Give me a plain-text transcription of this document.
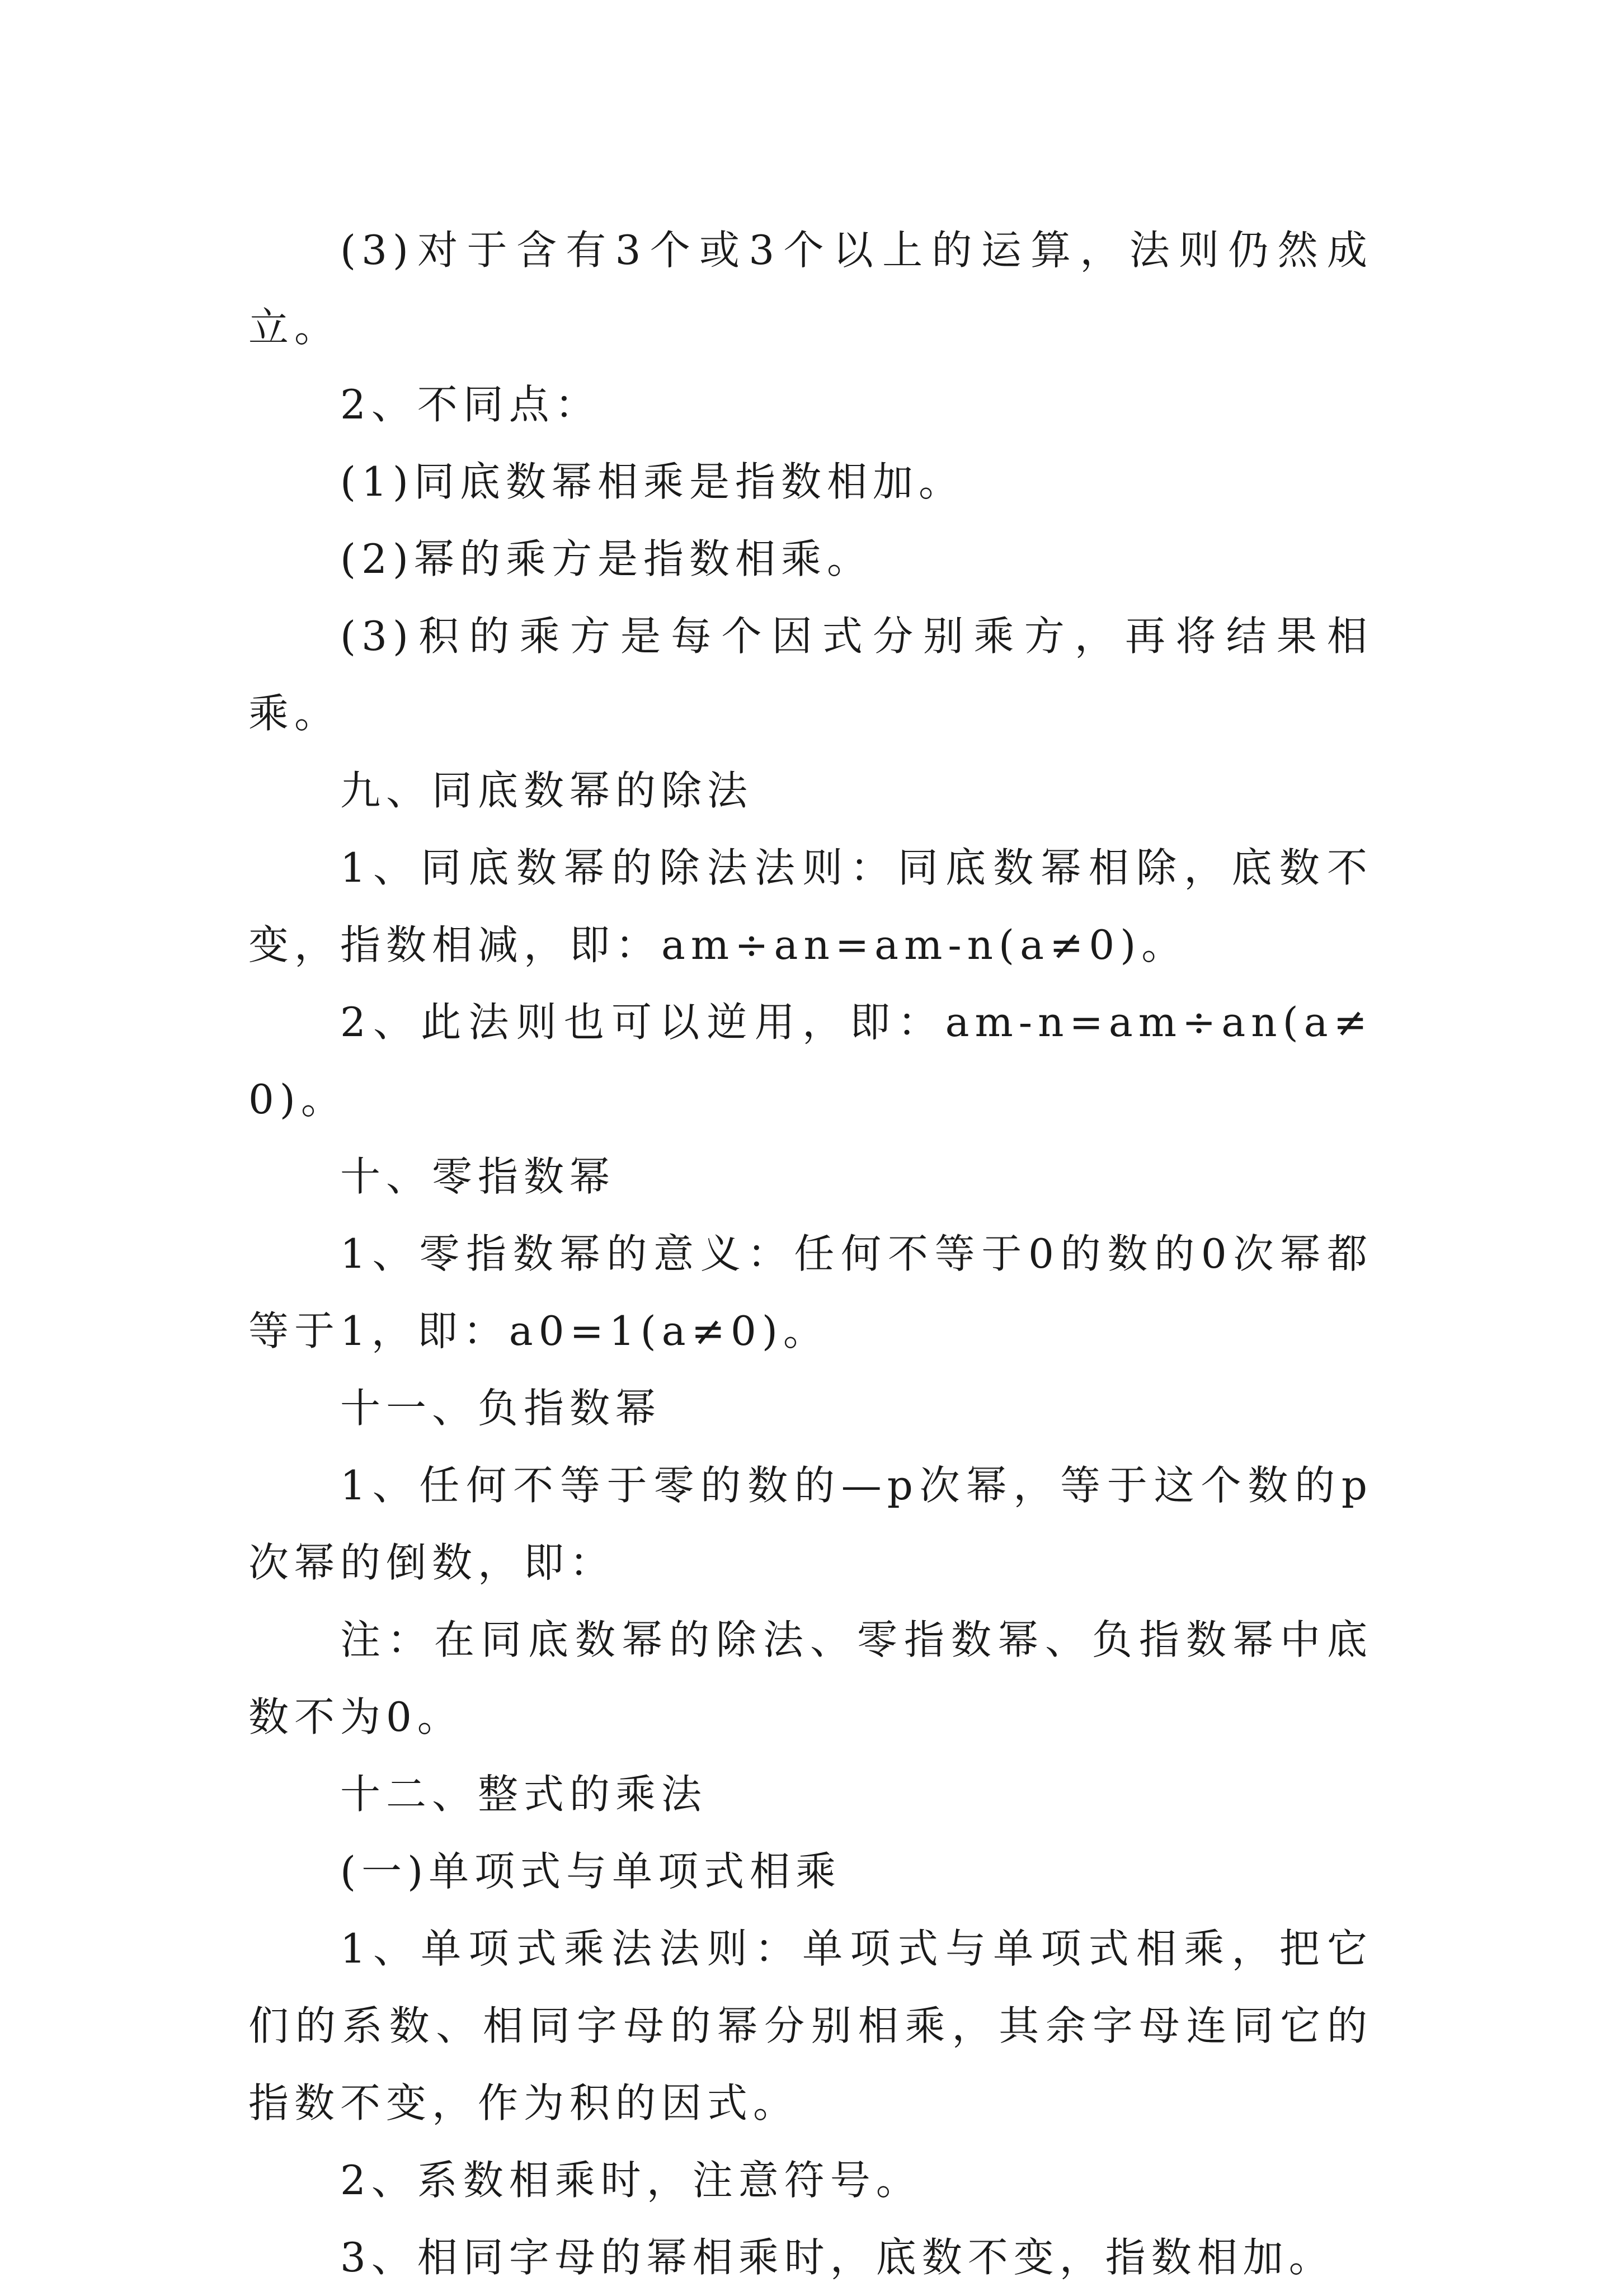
(3)对于含有3个或3个以上的运算，法则仍然成立。

2、不同点：

(1)同底数幂相乘是指数相加。

(2)幂的乘方是指数相乘。

(3)积的乘方是每个因式分别乘方，再将结果相乘。

九、同底数幂的除法

1、同底数幂的除法法则：同底数幂相除，底数不变，指数相减，即：am÷an=am-n(a≠0)。

2、此法则也可以逆用，即：am-n=am÷an(a≠0)。

十、零指数幂

1、零指数幂的意义：任何不等于0的数的0次幂都等于1，即：a0=1(a≠0)。

十一、负指数幂

1、任何不等于零的数的—p次幂，等于这个数的p次幂的倒数，即：

注：在同底数幂的除法、零指数幂、负指数幂中底数不为0。

十二、整式的乘法

(一)单项式与单项式相乘

1、单项式乘法法则：单项式与单项式相乘，把它们的系数、相同字母的幂分别相乘，其余字母连同它的指数不变，作为积的因式。

2、系数相乘时，注意符号。

3、相同字母的幂相乘时，底数不变，指数相加。
